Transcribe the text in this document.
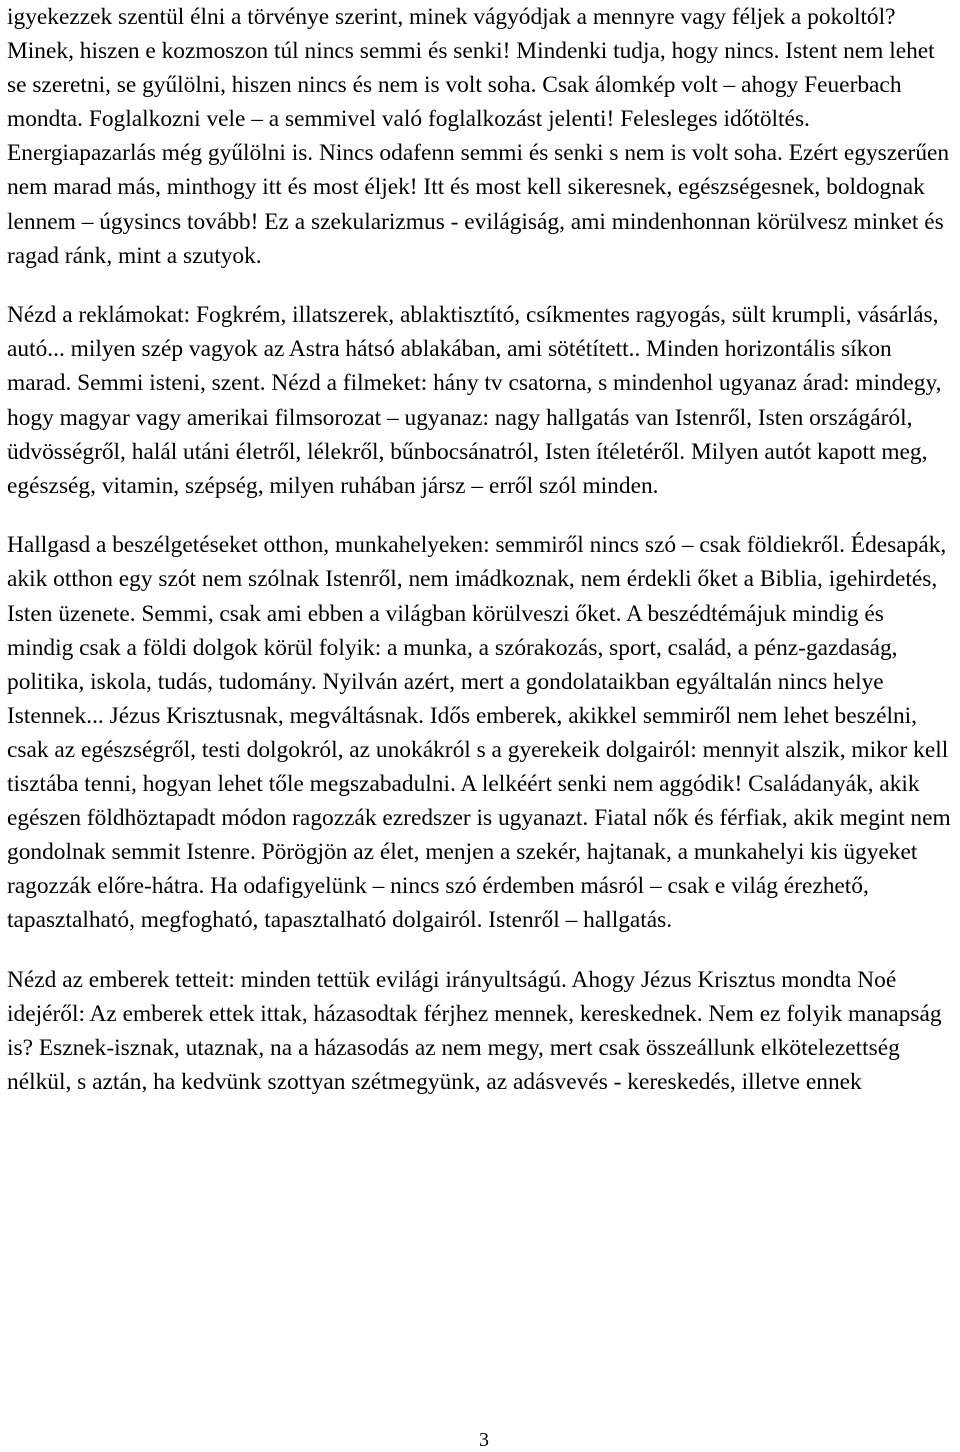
igyekezzek szentül élni a törvénye szerint, minek vágyódjak a mennyre vagy féljek a pokoltól? Minek, hiszen e kozmoszon túl nincs semmi és senki! Mindenki tudja, hogy nincs. Istent nem lehet se szeretni, se gyűlölni, hiszen nincs és nem is volt soha. Csak álomkép volt – ahogy Feuerbach mondta. Foglalkozni vele – a semmivel való foglalkozást jelenti! Felesleges időtöltés. Energiapazarlás még gyűlölni is. Nincs odafenn semmi és senki s nem is volt soha. Ezért egyszerűen nem marad más, minthogy itt és most éljek! Itt és most kell sikeresnek, egészségesnek, boldognak lennem – úgysincs tovább! Ez a szekularizmus - evilágiság, ami mindenhonnan körülvesz minket és ragad ránk, mint a szutyok.

Nézd a reklámokat: Fogkrém, illatszerek, ablaktisztító, csíkmentes ragyogás, sült krumpli, vásárlás, autó... milyen szép vagyok az Astra hátsó ablakában, ami sötétített.. Minden horizontális síkon marad. Semmi isteni, szent. Nézd a filmeket: hány tv csatorna, s mindenhol ugyanaz árad: mindegy, hogy magyar vagy amerikai filmsorozat – ugyanaz: nagy hallgatás van Istenről, Isten országáról, üdvösségről, halál utáni életről, lélekről, bűnbocsánatról, Isten ítéletéről. Milyen autót kapott meg, egészség, vitamin, szépség, milyen ruhában jársz – erről szól minden.

Hallgasd a beszélgetéseket otthon, munkahelyeken: semmiről nincs szó – csak földiekről. Édesapák, akik otthon egy szót nem szólnak Istenről, nem imádkoznak, nem érdekli őket a Biblia, igehirdetés, Isten üzenete. Semmi, csak ami ebben a világban körülveszi őket. A beszédtémájuk mindig és mindig csak a földi dolgok körül folyik: a munka, a szórakozás, sport, család, a pénz-gazdaság, politika, iskola, tudás, tudomány. Nyilván azért, mert a gondolataikban egyáltalán nincs helye Istennek... Jézus Krisztusnak, megváltásnak. Idős emberek, akikkel semmiről nem lehet beszélni, csak az egészségről, testi dolgokról, az unokákról s a gyerekeik dolgairól: mennyit alszik, mikor kell tisztába tenni, hogyan lehet tőle megszabadulni. A lelkéért senki nem aggódik! Családanyák, akik egészen földhöztapadt módon ragozzák ezredszer is ugyanazt. Fiatal nők és férfiak, akik megint nem gondolnak semmit Istenre. Pörögjön az élet, menjen a szekér, hajtanak, a munkahelyi kis ügyeket ragozzák előre-hátra. Ha odafigyelünk – nincs szó érdemben másról – csak e világ érezhető, tapasztalható, megfogható, tapasztalható dolgairól. Istenről – hallgatás.

Nézd az emberek tetteit: minden tettük evilági irányultságú. Ahogy Jézus Krisztus mondta Noé idejéről: Az emberek ettek ittak, házasodtak férjhez mennek, kereskednek. Nem ez folyik manapság is? Esznek-isznak, utaznak, na a házasodás az nem megy, mert csak összeállunk elkötelezettség nélkül, s aztán, ha kedvünk szottyan szétmegyünk, az adásvevés - kereskedés, illetve ennek

3
